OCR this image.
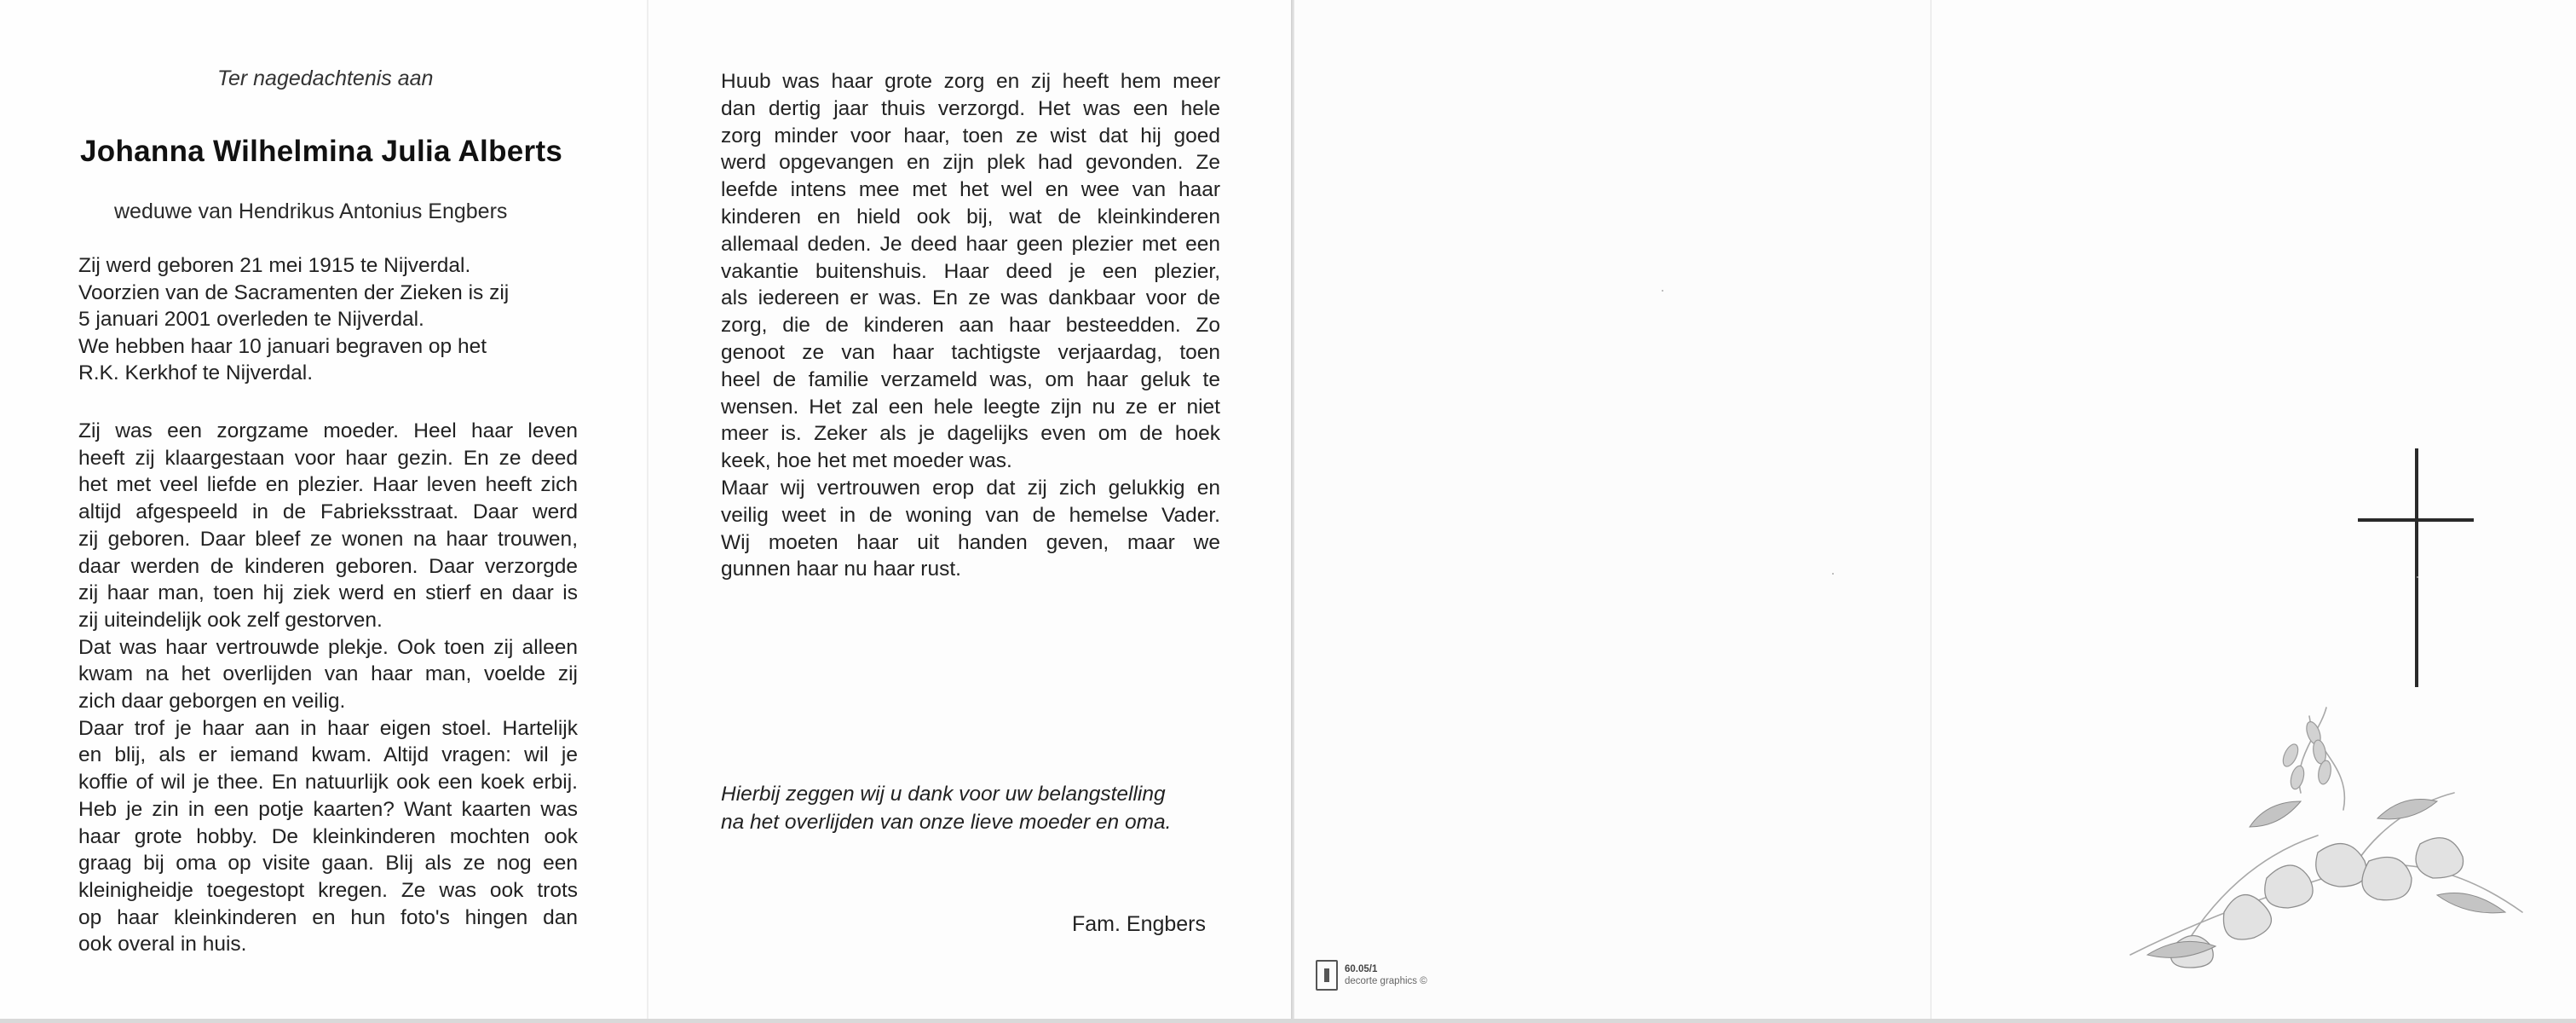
Ter nagedachtenis aan
Johanna Wilhelmina Julia Alberts
weduwe van Hendrikus Antonius Engbers
Zij werd geboren 21 mei 1915 te Nijverdal.
Voorzien van de Sacramenten der Zieken is zij
5 januari 2001 overleden te Nijverdal.
We hebben haar 10 januari begraven op het
R.K. Kerkhof te Nijverdal.
Zij was een zorgzame moeder. Heel haar leven
heeft zij klaargestaan voor haar gezin. En ze deed
het met veel liefde en plezier. Haar leven heeft zich
altijd afgespeeld in de Fabrieksstraat. Daar werd
zij geboren. Daar bleef ze wonen na haar trouwen,
daar werden de kinderen geboren. Daar verzorgde
zij haar man, toen hij ziek werd en stierf en daar is
zij uiteindelijk ook zelf gestorven.
Dat was haar vertrouwde plekje. Ook toen zij alleen
kwam na het overlijden van haar man, voelde zij
zich daar geborgen en veilig.
Daar trof je haar aan in haar eigen stoel. Hartelijk
en blij, als er iemand kwam. Altijd vragen: wil je
koffie of wil je thee. En natuurlijk ook een koek erbij.
Heb je zin in een potje kaarten? Want kaarten was
haar grote hobby. De kleinkinderen mochten ook
graag bij oma op visite gaan. Blij als ze nog een
kleinigheidje toegestopt kregen. Ze was ook trots
op haar kleinkinderen en hun foto's hingen dan
ook overal in huis.
Huub was haar grote zorg en zij heeft hem meer
dan dertig jaar thuis verzorgd. Het was een hele
zorg minder voor haar, toen ze wist dat hij goed
werd opgevangen en zijn plek had gevonden. Ze
leefde intens mee met het wel en wee van haar
kinderen en hield ook bij, wat de kleinkinderen
allemaal deden. Je deed haar geen plezier met een
vakantie buitenshuis. Haar deed je een plezier,
als iedereen er was. En ze was dankbaar voor de
zorg, die de kinderen aan haar besteedden. Zo
genoot ze van haar tachtigste verjaardag, toen
heel de familie verzameld was, om haar geluk te
wensen. Het zal een hele leegte zijn nu ze er niet
meer is. Zeker als je dagelijks even om de hoek
keek, hoe het met moeder was.
Maar wij vertrouwen erop dat zij zich gelukkig en
veilig weet in de woning van de hemelse Vader.
Wij moeten haar uit handen geven, maar we
gunnen haar nu haar rust.
Hierbij zeggen wij u dank voor uw belangstelling
na het overlijden van onze lieve moeder en oma.
Fam. Engbers
60.05/1
decorte graphics ©
